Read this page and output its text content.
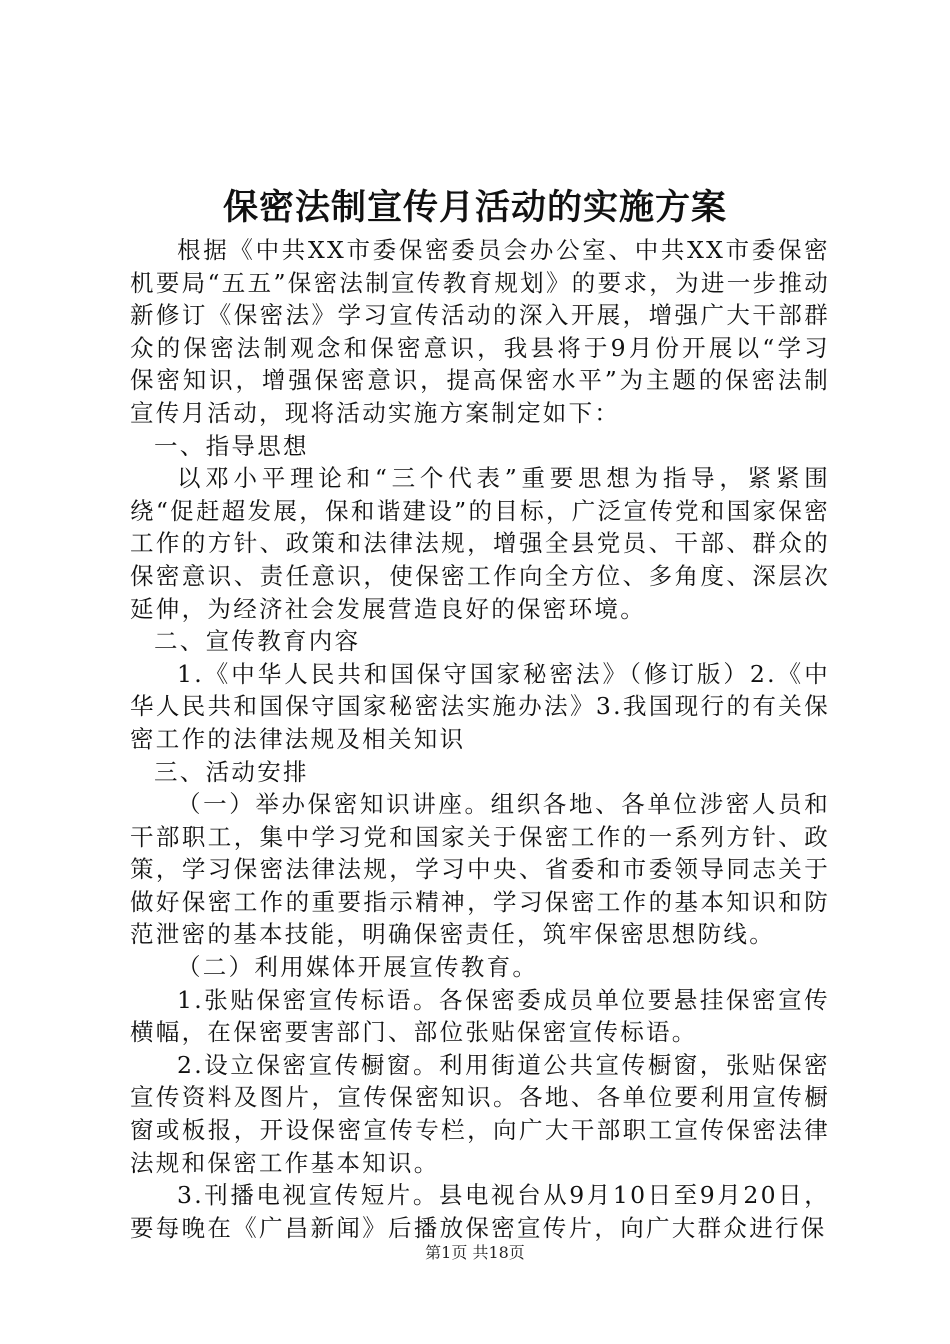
保密法制宣传月活动的实施方案

根据《中共XX市委保密委员会办公室、中共XX市委保密机要局“五五”保密法制宣传教育规划》的要求，为进一步推动新修订《保密法》学习宣传活动的深入开展，增强广大干部群众的保密法制观念和保密意识，我县将于9月份开展以“学习保密知识，增强保密意识，提高保密水平”为主题的保密法制宣传月活动，现将活动实施方案制定如下：

一、指导思想

以邓小平理论和“三个代表”重要思想为指导，紧紧围绕“促赶超发展，保和谐建设”的目标，广泛宣传党和国家保密工作的方针、政策和法律法规，增强全县党员、干部、群众的保密意识、责任意识，使保密工作向全方位、多角度、深层次延伸，为经济社会发展营造良好的保密环境。

二、宣传教育内容

1.《中华人民共和国保守国家秘密法》（修订版）2.《中华人民共和国保守国家秘密法实施办法》3.我国现行的有关保密工作的法律法规及相关知识

三、活动安排

（一）举办保密知识讲座。组织各地、各单位涉密人员和干部职工，集中学习党和国家关于保密工作的一系列方针、政策，学习保密法律法规，学习中央、省委和市委领导同志关于做好保密工作的重要指示精神，学习保密工作的基本知识和防范泄密的基本技能，明确保密责任，筑牢保密思想防线。

（二）利用媒体开展宣传教育。

1.张贴保密宣传标语。各保密委成员单位要悬挂保密宣传横幅，在保密要害部门、部位张贴保密宣传标语。

2.设立保密宣传橱窗。利用街道公共宣传橱窗，张贴保密宣传资料及图片，宣传保密知识。各地、各单位要利用宣传橱窗或板报，开设保密宣传专栏，向广大干部职工宣传保密法律法规和保密工作基本知识。

3.刊播电视宣传短片。县电视台从9月10日至9月20日，要每晚在《广昌新闻》后播放保密宣传片，向广大群众进行保

第1页 共18页
